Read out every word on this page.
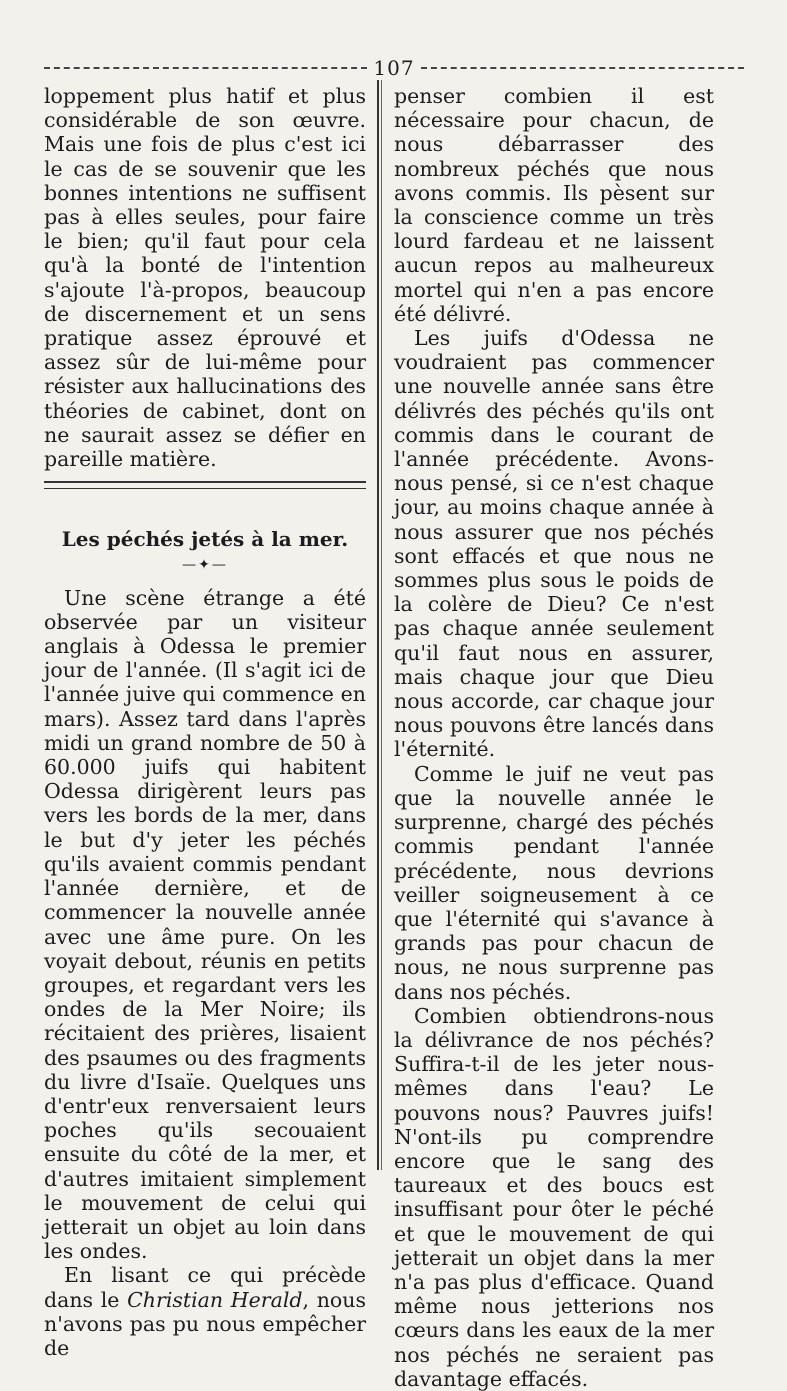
107

loppement plus hatif et plus considérable de son œuvre. Mais une fois de plus c'est ici le cas de se souvenir que les bonnes intentions ne suffisent pas à elles seules, pour faire le bien; qu'il faut pour cela qu'à la bonté de l'intention s'ajoute l'à-propos, beaucoup de discernement et un sens pratique assez éprouvé et assez sûr de lui-même pour résister aux hallucinations des théories de cabinet, dont on ne saurait assez se défier en pareille matière.

Les péchés jetés à la mer.
—✦—

Une scène étrange a été observée par un visiteur anglais à Odessa le premier jour de l'année. (Il s'agit ici de l'année juive qui commence en mars). Assez tard dans l'après midi un grand nombre de 50 à 60.000 juifs qui habitent Odessa dirigèrent leurs pas vers les bords de la mer, dans le but d'y jeter les péchés qu'ils avaient commis pendant l'année dernière, et de commencer la nouvelle année avec une âme pure. On les voyait debout, réunis en petits groupes, et regardant vers les ondes de la Mer Noire; ils récitaient des prières, lisaient des psaumes ou des fragments du livre d'Isaïe. Quelques uns d'entr'eux renversaient leurs poches qu'ils secouaient ensuite du côté de la mer, et d'autres imitaient simplement le mouvement de celui qui jetterait un objet au loin dans les ondes.

En lisant ce qui précède dans le Christian Herald, nous n'avons pas pu nous empêcher de

penser combien il est nécessaire pour chacun, de nous débarrasser des nombreux péchés que nous avons commis. Ils pèsent sur la conscience comme un très lourd fardeau et ne laissent aucun repos au malheureux mortel qui n'en a pas encore été délivré.

Les juifs d'Odessa ne voudraient pas commencer une nouvelle année sans être délivrés des péchés qu'ils ont commis dans le courant de l'année précédente. Avons-nous pensé, si ce n'est chaque jour, au moins chaque année à nous assurer que nos péchés sont effacés et que nous ne sommes plus sous le poids de la colère de Dieu? Ce n'est pas chaque année seulement qu'il faut nous en assurer, mais chaque jour que Dieu nous accorde, car chaque jour nous pouvons être lancés dans l'éternité.

Comme le juif ne veut pas que la nouvelle année le surprenne, chargé des péchés commis pendant l'année précédente, nous devrions veiller soigneusement à ce que l'éternité qui s'avance à grands pas pour chacun de nous, ne nous surprenne pas dans nos péchés.

Combien obtiendrons-nous la délivrance de nos péchés? Suffira-t-il de les jeter nous-mêmes dans l'eau? Le pouvons nous? Pauvres juifs! N'ont-ils pu comprendre encore que le sang des taureaux et des boucs est insuffisant pour ôter le péché et que le mouvement de qui jetterait un objet dans la mer n'a pas plus d'efficace. Quand même nous jetterions nos cœurs dans les eaux de la mer nos péchés ne seraient pas davantage effacés.
